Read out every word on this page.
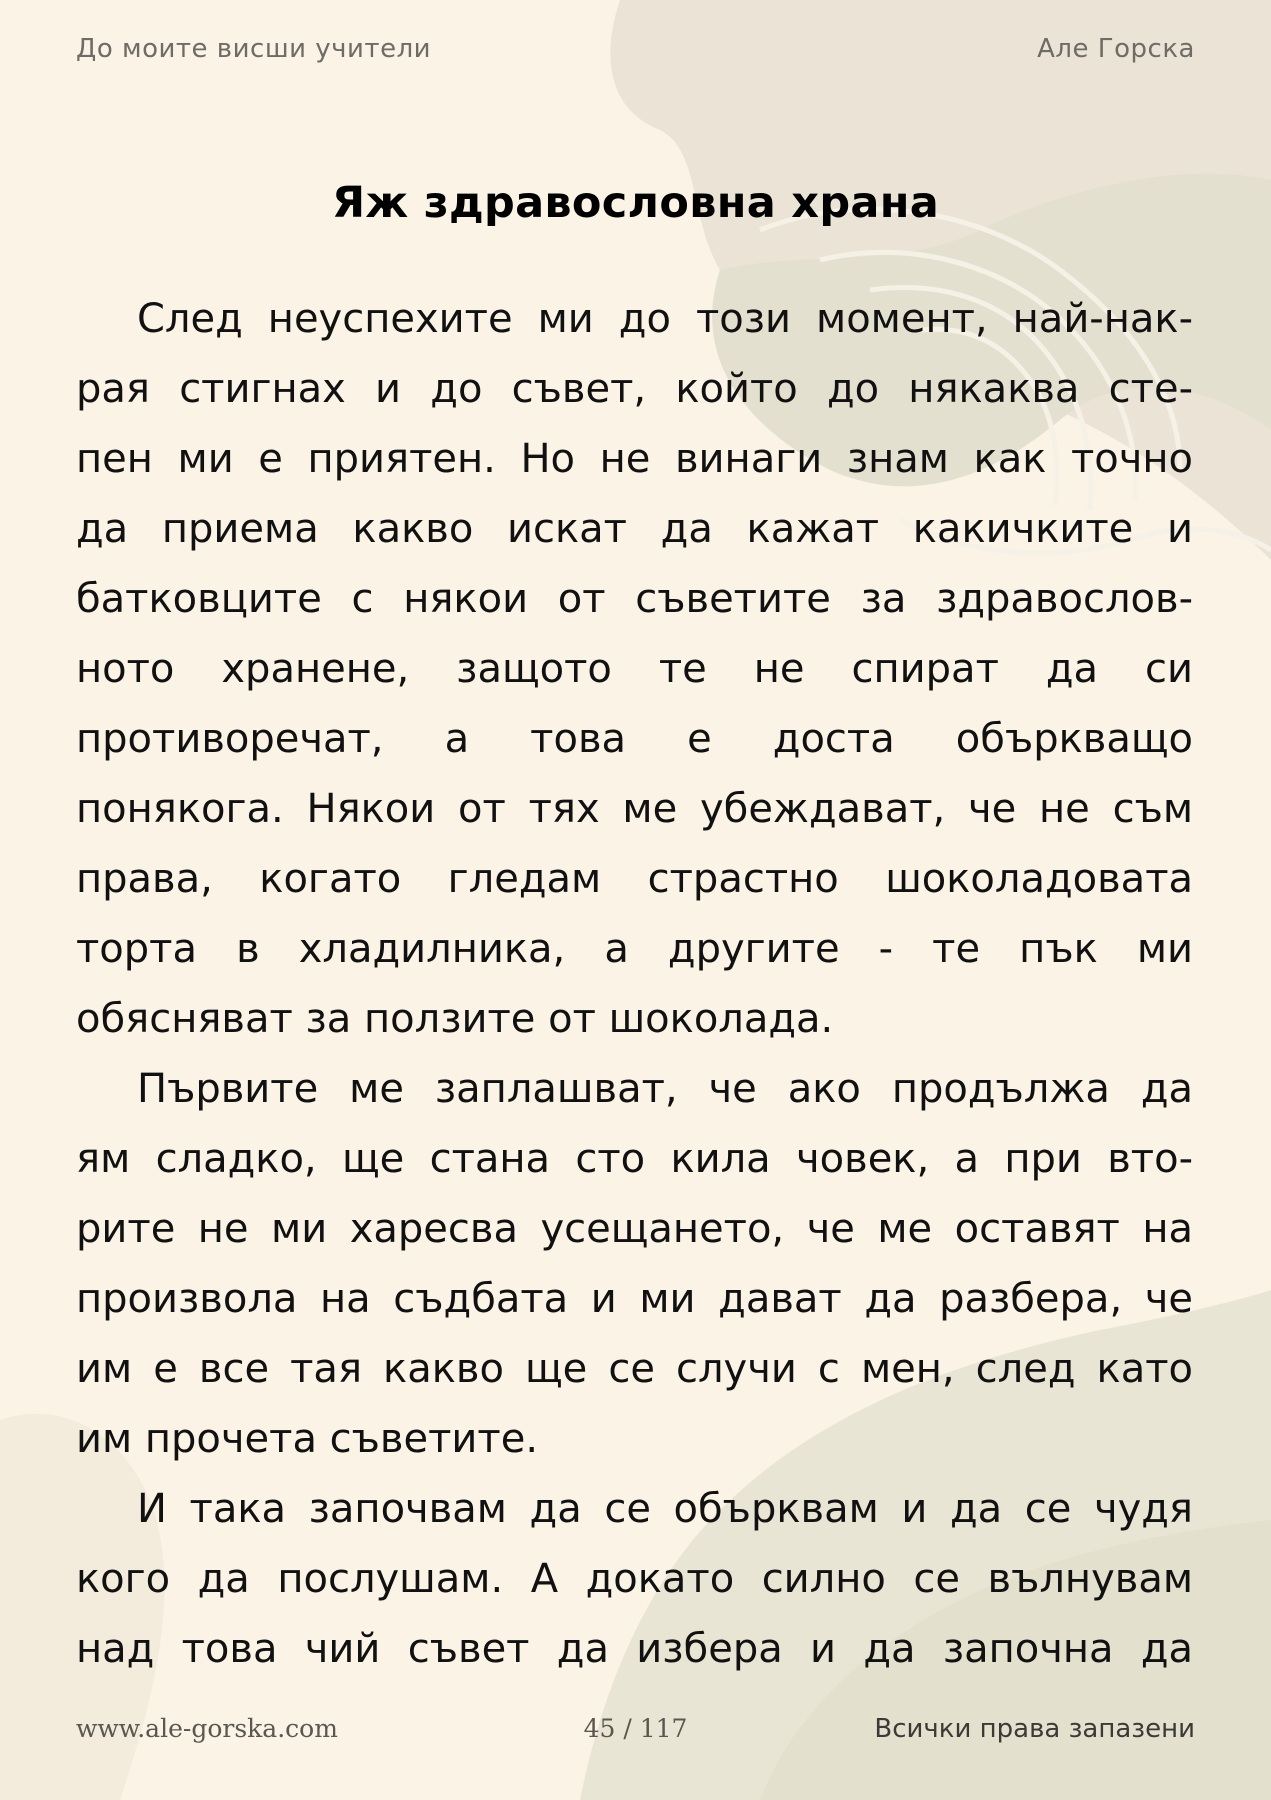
До моите висши учители	Але Горска
Яж здравословна храна
След неуспехите ми до този момент, най-нак-
рая стигнах и до съвет, който до някаква сте-
пен ми е приятен. Но не винаги знам как точно
да приема какво искат да кажат какичките и
батковците с някои от съветите за здравослов-
ното хранене, защото те не спират да си
противоречат, а това е доста объркващо
понякога. Някои от тях ме убеждават, че не съм
права, когато гледам страстно шоколадовата
торта в хладилника, а другите - те пък ми
обясняват за ползите от шоколада.
Първите ме заплашват, че ако продължа да
ям сладко, ще стана сто кила човек, а при вто-
рите не ми харесва усещането, че ме оставят на
произвола на съдбата и ми дават да разбера, че
им е все тая какво ще се случи с мен, след като
им прочета съветите.
И така започвам да се обърквам и да се чудя
кого да послушам. А докато силно се вълнувам
над това чий съвет да избера и да започна да
www.ale-gorska.com	45 / 117	Всички права запазени
